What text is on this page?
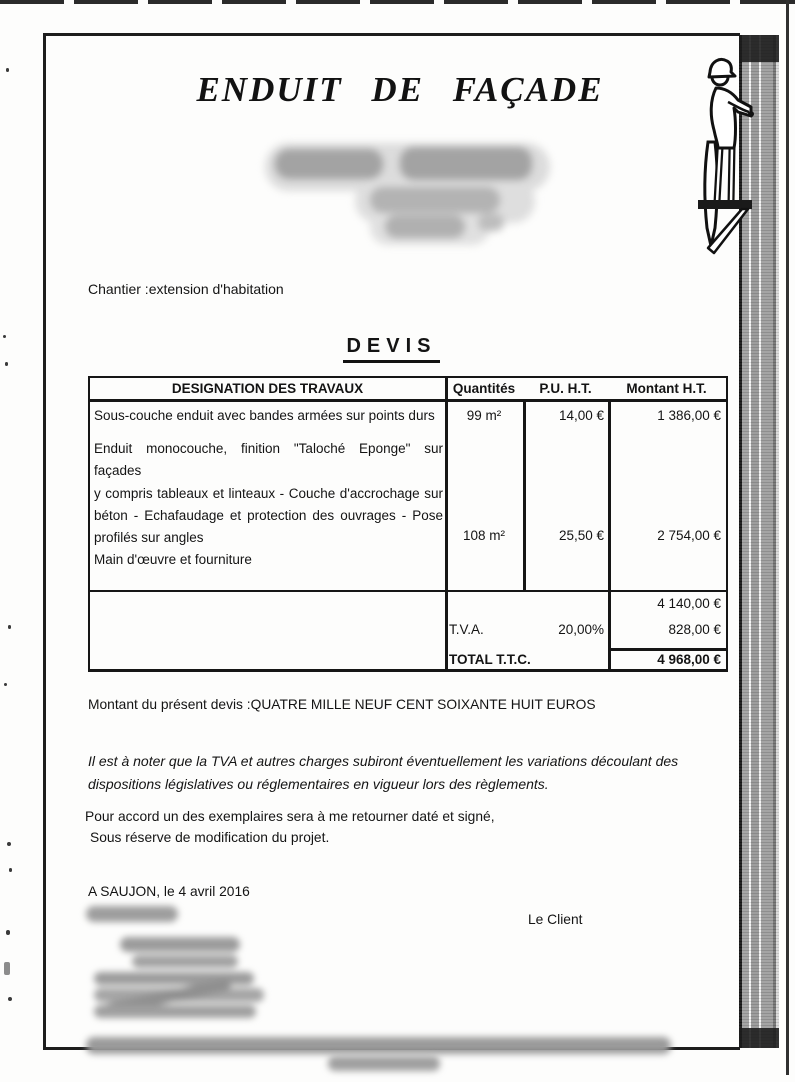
ENDUIT DE FAÇADE
Chantier :extension d'habitation
DEVIS
DESIGNATION DES TRAVAUX	Quantités	P.U. H.T.	Montant H.T.
Sous-couche enduit avec bandes armées sur points durs	99 m²	14,00 €	1 386,00 €
Enduit monocouche, finition "Taloché Eponge" sur façades
y compris tableaux et linteaux - Couche d'accrochage sur
béton - Echafaudage et protection des ouvrages - Pose
profilés sur angles
Main d'œuvre et fourniture
108 m²	25,50 €	2 754,00 €
4 140,00 €
T.V.A.	20,00%	828,00 €
TOTAL T.T.C.	4 968,00 €
Montant du présent devis :QUATRE MILLE NEUF CENT SOIXANTE HUIT EUROS
Il est à noter que la TVA et autres charges subiront éventuellement les variations découlant des
dispositions législatives ou réglementaires en vigueur lors des règlements.
Pour accord un des exemplaires sera à me retourner daté et signé,
Sous réserve de modification du projet.
A SAUJON, le 4 avril 2016
Le Client
